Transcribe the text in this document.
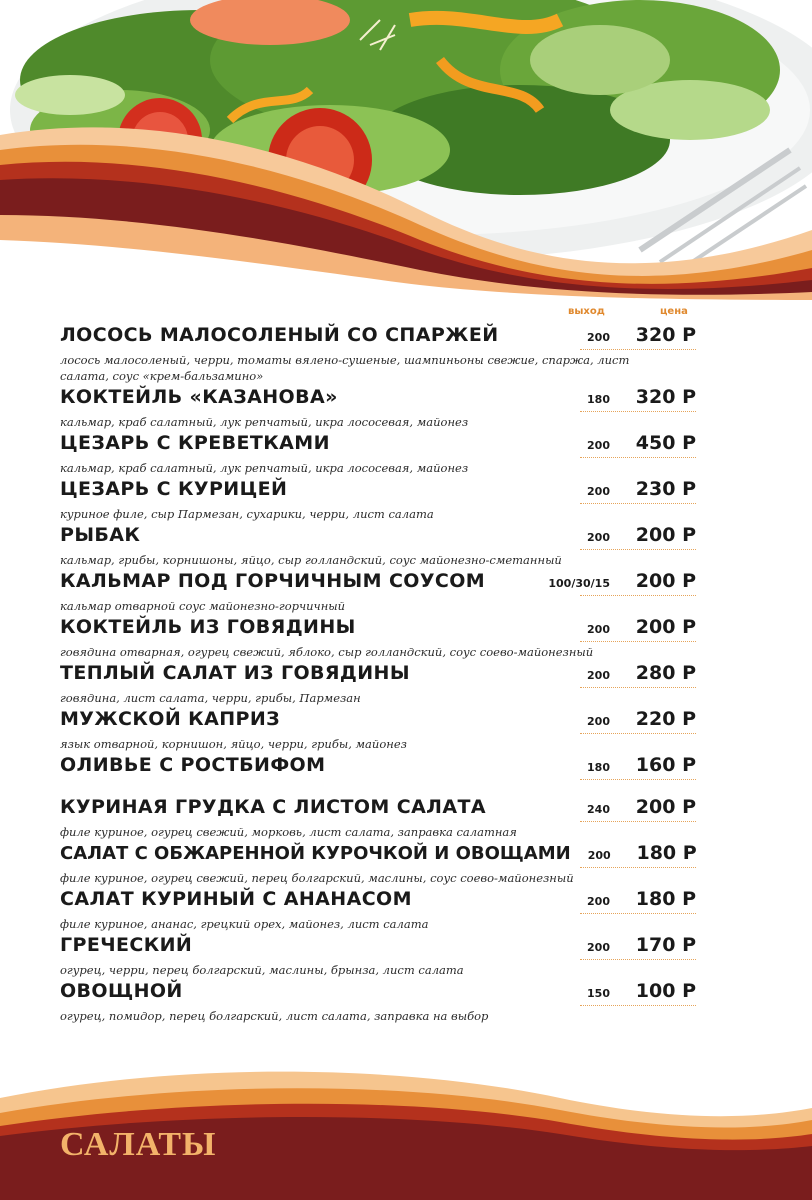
выход	цена
ЛОСОСЬ МАЛОСОЛЕНЫЙ СО СПАРЖЕЙ	200	320 Р
лосось малосоленый, черри, томаты вялено-сушеные, шампиньоны свежие, спаржа, лист салата, соус «крем-бальзамино»
КОКТЕЙЛЬ «КАЗАНОВА»	180	320 Р
кальмар, краб салатный, лук репчатый, икра лососевая, майонез
ЦЕЗАРЬ С КРЕВЕТКАМИ	200	450 Р
кальмар, краб салатный, лук репчатый, икра лососевая, майонез
ЦЕЗАРЬ С КУРИЦЕЙ	200	230 Р
куриное филе, сыр Пармезан, сухарики, черри, лист салата
РЫБАК	200	200 Р
кальмар, грибы, корнишоны, яйцо, сыр голландский, соус майонезно-сметанный
КАЛЬМАР ПОД ГОРЧИЧНЫМ СОУСОМ	100/30/15	200 Р
кальмар отварной соус майонезно-горчичный
КОКТЕЙЛЬ ИЗ ГОВЯДИНЫ	200	200 Р
говядина отварная, огурец свежий, яблоко, сыр голландский, соус соево-майонезный
ТЕПЛЫЙ САЛАТ ИЗ ГОВЯДИНЫ	200	280 Р
говядина, лист салата, черри, грибы, Пармезан
МУЖСКОЙ КАПРИЗ	200	220 Р
язык отварной, корнишон, яйцо, черри, грибы, майонез
ОЛИВЬЕ С РОСТБИФОМ	180	160 Р
КУРИНАЯ ГРУДКА С ЛИСТОМ САЛАТА	240	200 Р
филе куриное, огурец свежий, морковь, лист салата, заправка салатная
САЛАТ С ОБЖАРЕННОЙ КУРОЧКОЙ И ОВОЩАМИ	200	180 Р
филе куриное, огурец свежий, перец болгарский, маслины, соус соево-майонезный
САЛАТ КУРИНЫЙ С АНАНАСОМ	200	180 Р
филе куриное, ананас, грецкий орех, майонез, лист салата
ГРЕЧЕСКИЙ	200	170 Р
огурец, черри, перец болгарский, маслины, брынза, лист салата
ОВОЩНОЙ	150	100 Р
огурец, помидор, перец болгарский, лист салата, заправка на выбор
САЛАТЫ
